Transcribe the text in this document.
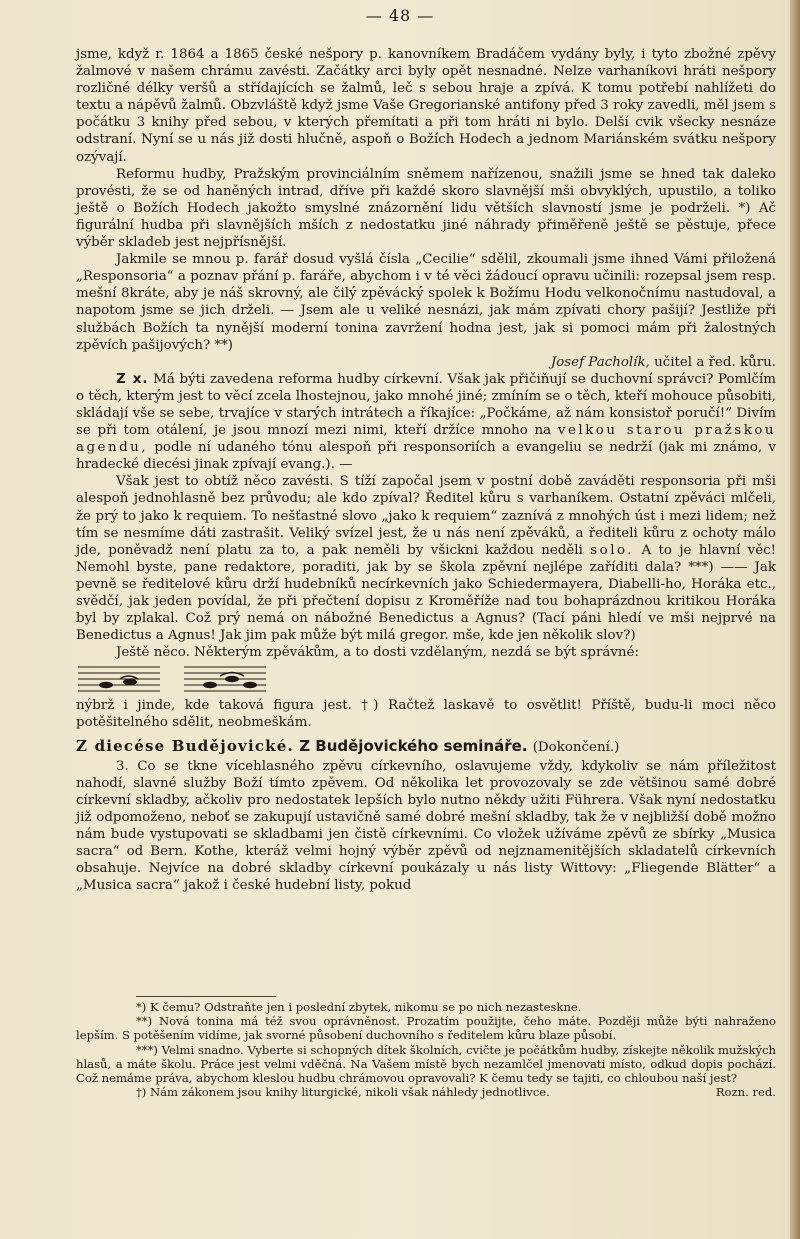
— 48 —

jsme, když r. 1864 a 1865 české nešpory p. kanovníkem Bradáčem vydány byly, i tyto zbožné zpěvy žalmové v našem chrámu zavésti. Začátky arci byly opět nesnadné. Nelze varhaníkovi hráti nešpory rozličné délky veršů a střídajících se žalmů, leč s sebou hraje a zpívá. K tomu potřebí nahlížeti do textu a nápěvů žalmů. Obzvláště když jsme Vaše Gregorianské antifony před 3 roky zavedli, měl jsem s počátku 3 knihy před sebou, v kterých přemítati a při tom hráti ni bylo. Delší cvik všecky nesnáze odstraní. Nyní se u nás již dosti hlučně, aspoň o Božích Hodech a jednom Mariánském svátku nešpory ozývají.

Reformu hudby, Pražským provinciálním sněmem nařízenou, snažili jsme se hned tak daleko provésti, že se od haněných intrad, dříve při každé skoro slavnější mši obvyklých, upustilo, a toliko ještě o Božích Hodech jakožto smyslné znázornění lidu větších slavností jsme je podrželi. *) Ač figurální hudba při slavnějších mších z nedostatku jiné náhrady přiměřeně ještě se pěstuje, přece výběr skladeb jest nejpřísnější.

Jakmile se mnou p. farář dosud vyšlá čísla „Cecilie“ sdělil, zkoumali jsme ihned Vámi přiložená „Responsoria“ a poznav přání p. faráře, abychom i v té věci žádoucí opravu učinili: rozepsal jsem resp. mešní 8kráte, aby je náš skrovný, ale čilý zpěvácký spolek k Božímu Hodu velkonočnímu nastudoval, a napotom jsme se jich drželi. — Jsem ale u veliké nesnázi, jak mám zpívati chory pašijí? Jestliže při službách Božích ta nynější moderní tonina zavržení hodna jest, jak si pomoci mám při žalostných zpěvích pašijových? **)

Josef Pacholík, učitel a řed. kůru.

Z x. Má býti zavedena reforma hudby církevní. Však jak přičiňují se duchovní správci? Pomlčím o těch, kterým jest to věcí zcela lhostejnou, jako mnohé jiné; zmíním se o těch, kteří mohouce působiti, skládají vše se sebe, trvajíce v starých intrátech a říkajíce: „Počkáme, až nám konsistoř poručí!“ Divím se při tom otálení, je jsou mnozí mezi nimi, kteří držíce mnoho na velkou starou pražskou agendu, podle ní udaného tónu alespoň při responsoriích a evangeliu se nedrží (jak mi známo, v hradecké diecési jinak zpívají evang.). —

Však jest to obtíž něco zavésti. S tíží započal jsem v postní době zaváděti responsoria při mši alespoň jednohlasně bez průvodu; ale kdo zpíval? Ředitel kůru s varhaníkem. Ostatní zpěváci mlčeli, že prý to jako k requiem. To nešťastné slovo „jako k requiem“ zaznívá z mnohých úst i mezi lidem; než tím se nesmíme dáti zastrašit. Veliký svízel jest, že u nás není zpěváků, a řediteli kůru z ochoty málo jde, poněvadž není platu za to, a pak neměli by všickni každou neděli solo. A to je hlavní věc! Nemohl byste, pane redaktore, poraditi, jak by se škola zpěvní nejlépe zaříditi dala? ***) —— Jak pevně se ředitelové kůru drží hudebníků necírkevních jako Schiedermayera, Diabelli-ho, Horáka etc., svědčí, jak jeden povídal, že při přečtení dopisu z Kroměříže nad tou bohaprázdnou kritikou Horáka byl by zplakal. Což prý nemá on nábožné Benedictus a Agnus? (Tací páni hledí ve mši nejprvé na Benedictus a Agnus! Jak jim pak může být milá gregor. mše, kde jen několik slov?)

Ještě něco. Některým zpěvákům, a to dosti vzdělaným, nezdá se být správné:

nýbrž i jinde, kde taková figura jest. †) Račtež laskavě to osvětlit! Příště, budu-li moci něco potěšitelného sdělit, neobmeškám.

Z diecése Budějovické. Z Budějovického semináře. (Dokončení.)

3. Co se tkne vícehlasného zpěvu církevního, oslavujeme vždy, kdykoliv se nám příležitost nahodí, slavné služby Boží tímto zpěvem. Od několika let provozovaly se zde většinou samé dobré církevní skladby, ačkoliv pro nedostatek lepších bylo nutno někdy užiti Führera. Však nyní nedostatku již odpomoženo, neboť se zakupují ustavičně samé dobré mešní skladby, tak že v nejbližší době možno nám bude vystupovati se skladbami jen čistě církevními. Co vložek užíváme zpěvů ze sbírky „Musica sacra“ od Bern. Kothe, kteráž velmi hojný výběr zpěvů od nejznamenitějších skladatelů církevních obsahuje. Nejvíce na dobré skladby církevní poukázaly u nás listy Wittovy: „Fliegende Blätter“ a „Musica sacra“ jakož i české hudební listy, pokud

*) K čemu? Odstraňte jen i poslední zbytek, nikomu se po nich nezasteskne.

**) Nová tonina má též svou oprávněnost. Prozatím použijte, čeho máte. Později může býti nahraženo lepším. S potěšením vidíme, jak svorné působení duchovního s ředitelem kůru blaze působí.

***) Velmi snadno. Vyberte si schopných dítek školních, cvičte je počátkům hudby, získejte několik mužských hlasů, a máte školu. Práce jest velmi vděčná. Na Vašem místě bych nezamlčel jmenovati místo, odkud dopis pochází. Což nemáme práva, abychom kleslou hudbu chrámovou opravovali? K čemu tedy se tajiti, co chloubou naší jest?

†) Nám zákonem jsou knihy liturgické, nikoli však náhledy jednotlivce.	Rozn. red.
